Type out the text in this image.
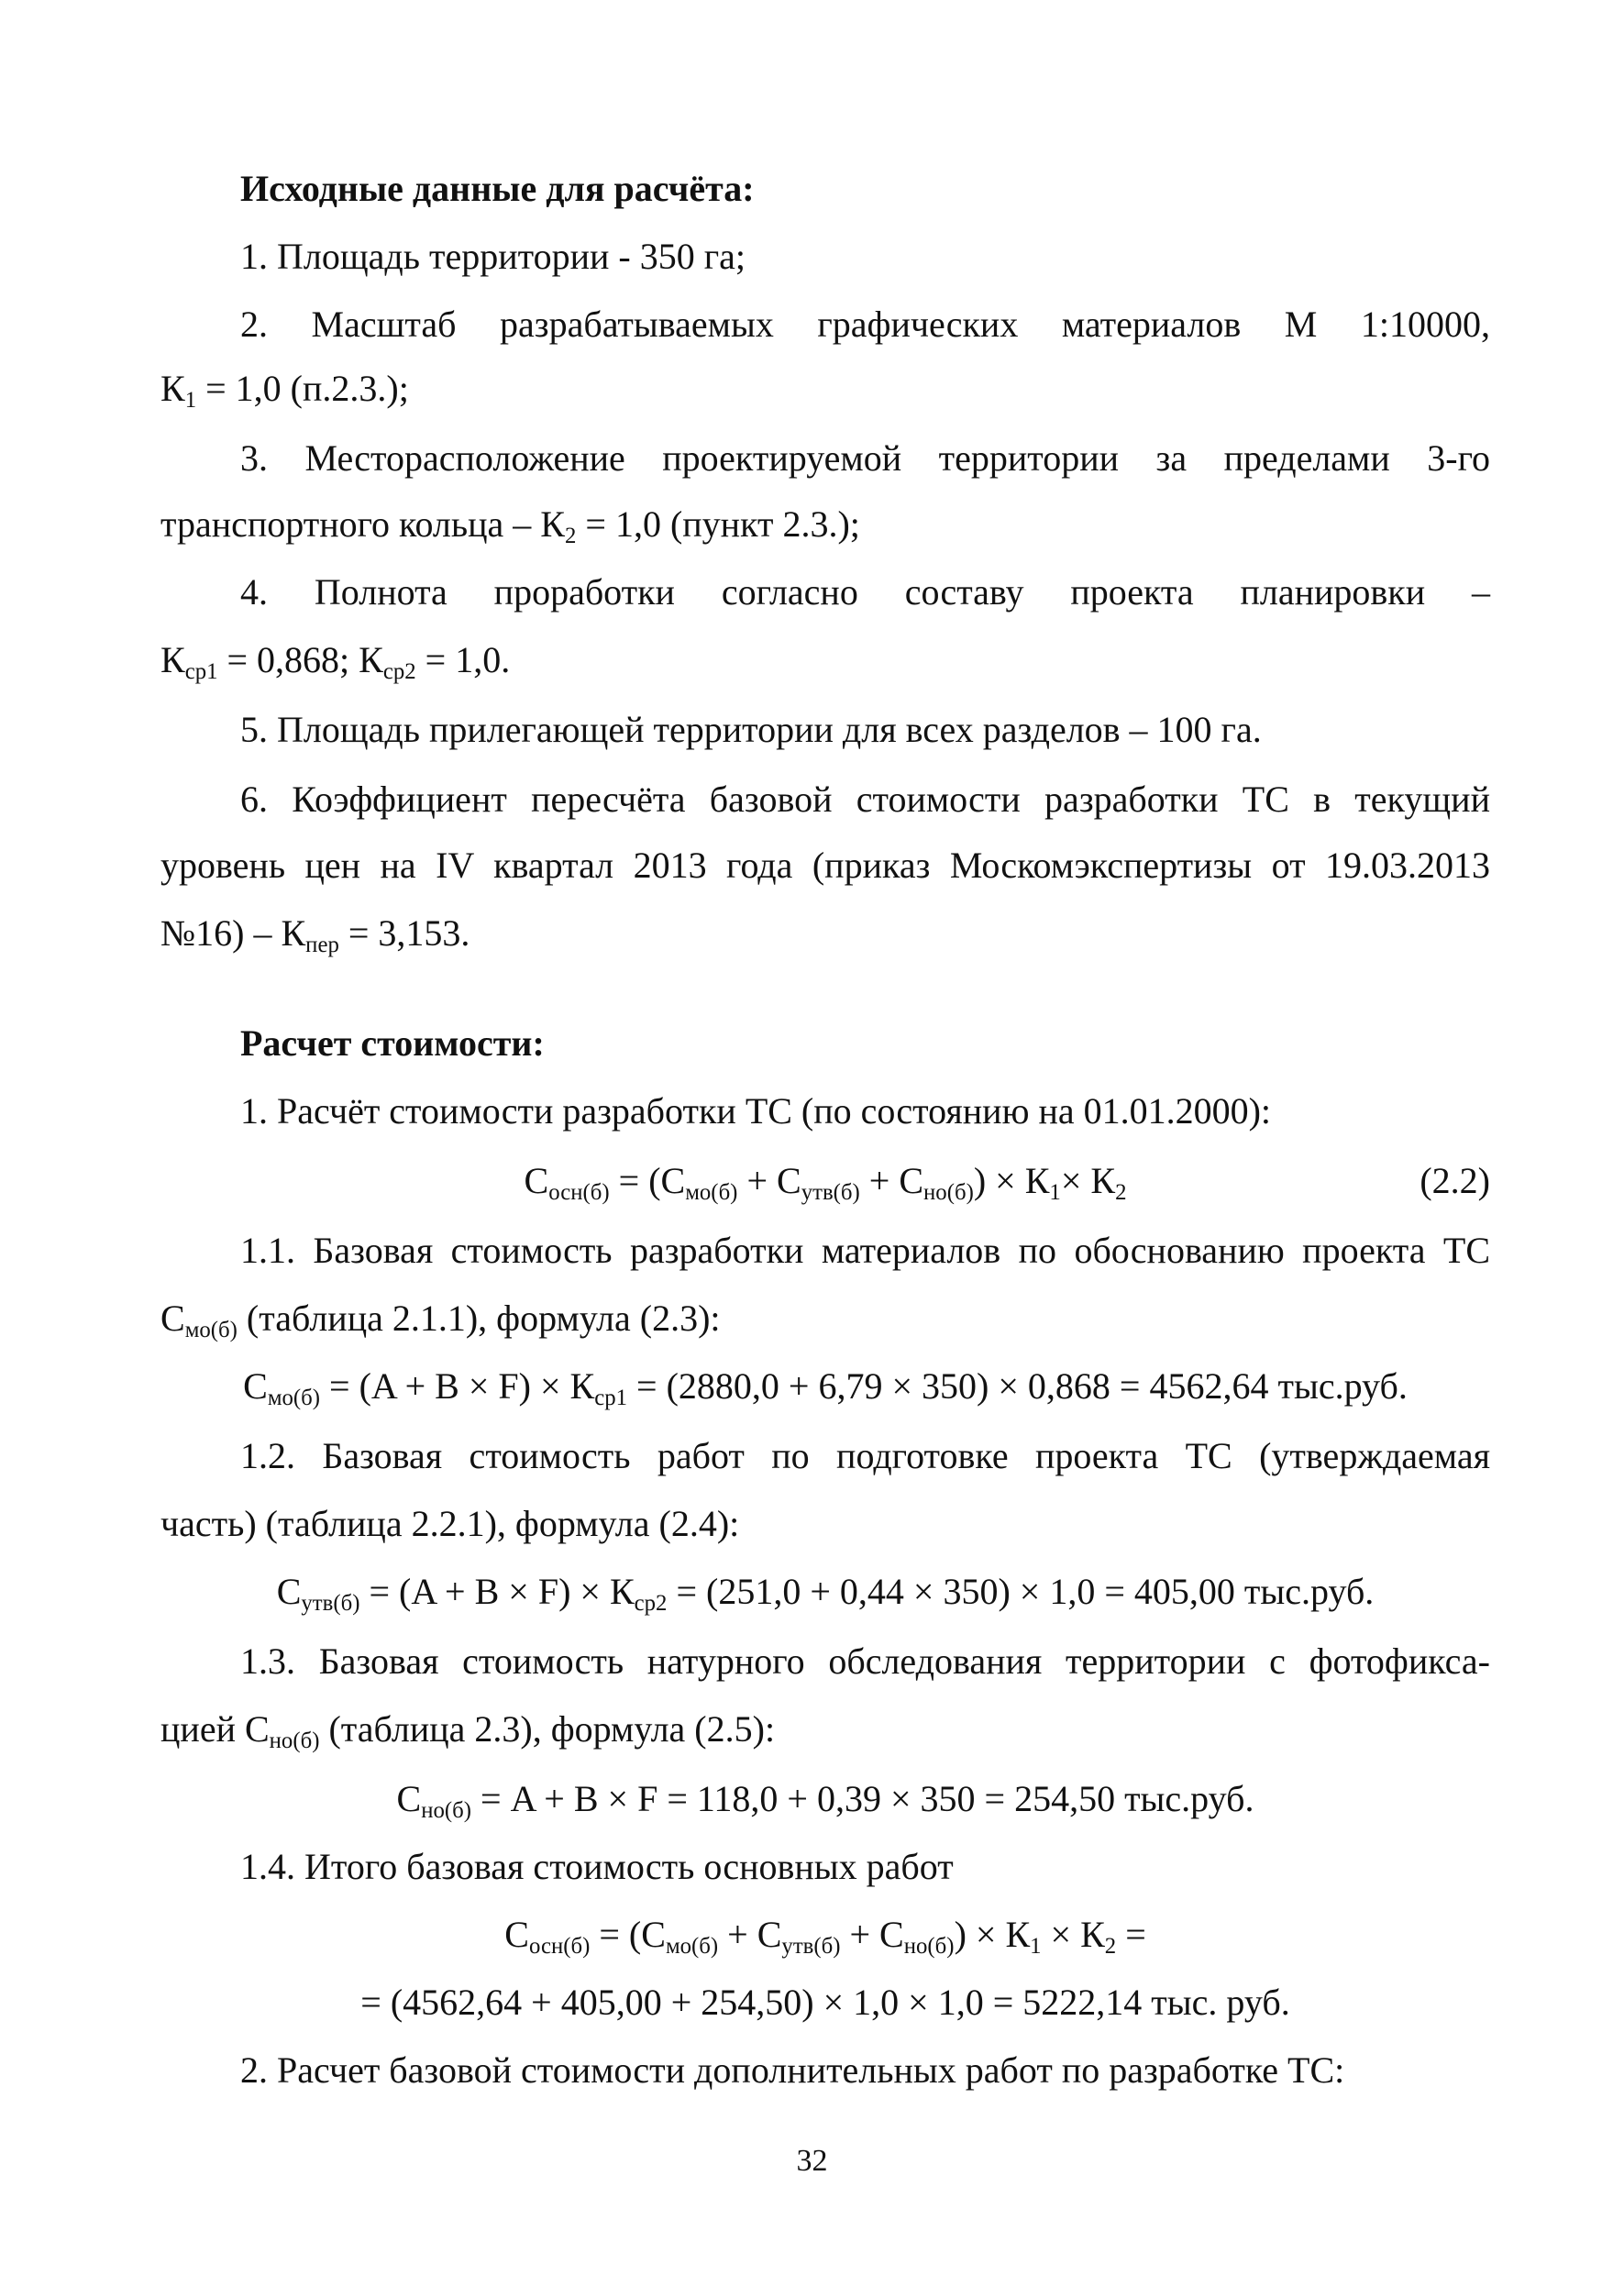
Исходные данные для расчёта:
1. Площадь территории - 350 га;
2. Масштаб разрабатываемых графических материалов М 1:10000,
$К_1 = 1,0$ (п.2.3.);
3. Месторасположение проектируемой территории за пределами 3-го
транспортного кольца – $К_2 = 1,0$ (пункт 2.3.);
4. Полнота проработки согласно составу проекта планировки –
$К_{ср1} = 0,868$; $К_{ср2} = 1,0$.
5. Площадь прилегающей территории для всех разделов – 100 га.
6. Коэффициент пересчёта базовой стоимости разработки ТС в текущий
уровень цен на IV квартал 2013 года (приказ Москомэкспертизы от 19.03.2013
№16) – $К_{пер} = 3,153$.
Расчет стоимости:
1. Расчёт стоимости разработки ТС (по состоянию на 01.01.2000):
$С_{осн(б)} = (С_{мо(б)} + С_{утв(б)} + С_{но(б)}) \times К_1\times К_2$	(2.2)
1.1. Базовая стоимость разработки материалов по обоснованию проекта ТС
$С_{мо(б)}$ (таблица 2.1.1), формула (2.3):
$С_{мо(б)} = (A + B \times F) \times К_{ср1} = (2880,0 + 6,79 \times 350) \times 0,868 = 4562,64$ тыс.руб.
1.2. Базовая стоимость работ по подготовке проекта ТС (утверждаемая
часть) (таблица 2.2.1), формула (2.4):
$С_{утв(б)} = (A + B \times F) \times К_{ср2} = (251,0 + 0,44 \times 350) \times 1,0 = 405,00$ тыс.руб.
1.3. Базовая стоимость натурного обследования территории с фотофикса-
цией $С_{но(б)}$ (таблица 2.3), формула (2.5):
$С_{но(б)} = A + B \times F = 118,0 + 0,39 \times 350 = 254,50$ тыс.руб.
1.4. Итого базовая стоимость основных работ
$С_{осн(б)} = (С_{мо(б)} + С_{утв(б)} + С_{но(б)}) \times К_1 \times К_2$ =
= (4562,64 + 405,00 + 254,50) × 1,0 × 1,0 = 5222,14 тыс. руб.
2. Расчет базовой стоимости дополнительных работ по разработке ТС:
32
